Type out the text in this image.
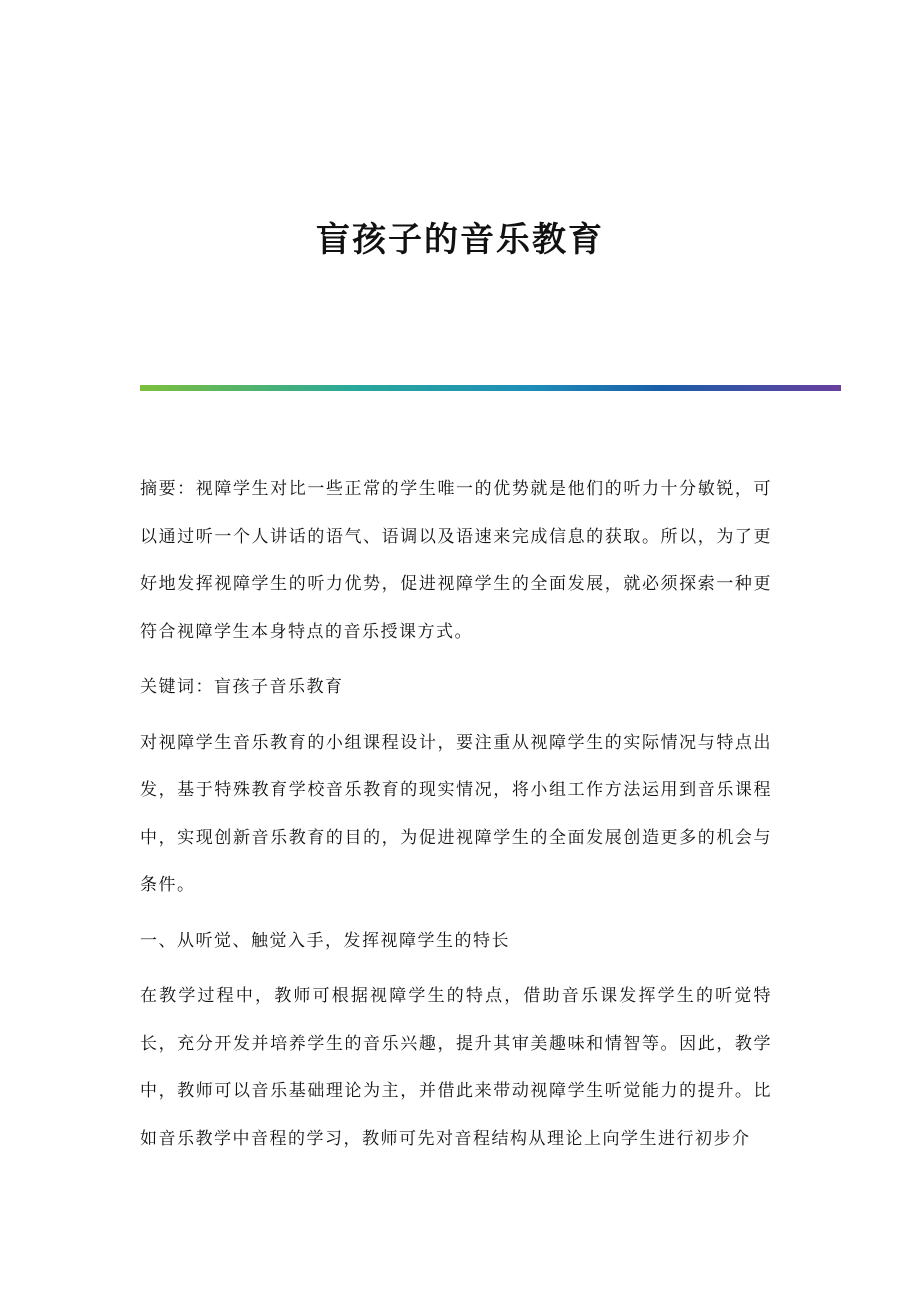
盲孩子的音乐教育

摘要：视障学生对比一些正常的学生唯一的优势就是他们的听力十分敏锐，可以通过听一个人讲话的语气、语调以及语速来完成信息的获取。所以，为了更好地发挥视障学生的听力优势，促进视障学生的全面发展，就必须探索一种更符合视障学生本身特点的音乐授课方式。

关键词：盲孩子音乐教育

对视障学生音乐教育的小组课程设计，要注重从视障学生的实际情况与特点出发，基于特殊教育学校音乐教育的现实情况，将小组工作方法运用到音乐课程中，实现创新音乐教育的目的，为促进视障学生的全面发展创造更多的机会与条件。

一、从听觉、触觉入手，发挥视障学生的特长

在教学过程中，教师可根据视障学生的特点，借助音乐课发挥学生的听觉特长，充分开发并培养学生的音乐兴趣，提升其审美趣味和情智等。因此，教学中，教师可以音乐基础理论为主，并借此来带动视障学生听觉能力的提升。比如音乐教学中音程的学习，教师可先对音程结构从理论上向学生进行初步介
